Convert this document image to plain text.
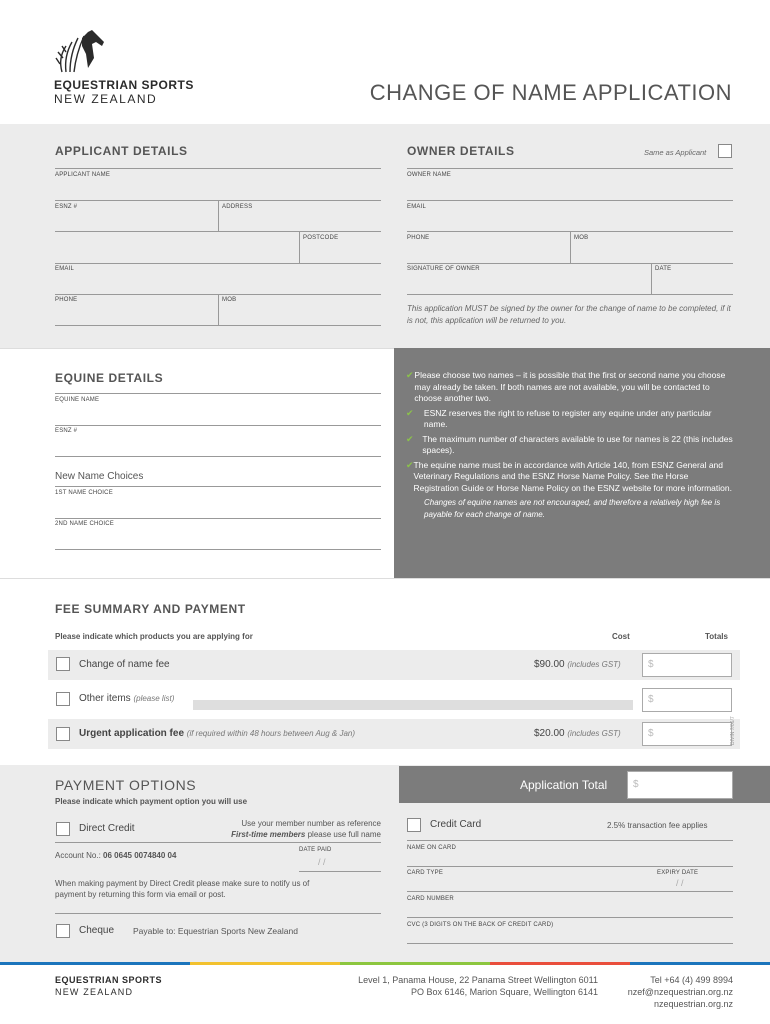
EQUESTRIAN SPORTS
NEW ZEALAND	CHANGE OF NAME APPLICATION
APPLICANT DETAILS
APPLICANT NAME
ESNZ #	ADDRESS
POSTCODE
EMAIL
PHONE	MOB
OWNER DETAILS	Same as Applicant
OWNER NAME
EMAIL
PHONE	MOB
SIGNATURE OF OWNER	DATE
This application MUST be signed by the owner for the change of name to be completed, if it is not, this application will be returned to you.
EQUINE DETAILS
EQUINE NAME
ESNZ #
New Name Choices
1ST NAME CHOICE
2ND NAME CHOICE
✔ Please choose two names – it is possible that the first or second name you choose may already be taken. If both names are not available, you will be contacted to choose another two.
✔	ESNZ reserves the right to refuse to register any equine under any particular name.
✔	The maximum number of characters available to use for names is 22 (this includes spaces).
✔ The equine name must be in accordance with Article 140, from ESNZ General and Veterinary Regulations and the ESNZ Horse Name Policy. See the Horse Registration Guide or Horse Name Policy on the ESNZ website for more information.
Changes of equine names are not encouraged, and therefore a relatively high fee is payable for each change of name.
FEE SUMMARY AND PAYMENT
Please indicate which products you are applying for	Cost	Totals
Change of name fee	$90.00 (includes GST)	$
Other items (please list)	$
Urgent application fee (if required within 48 hours between Aug & Jan)	$20.00 (includes GST)	$	DIVIN 7/06/7
PAYMENT OPTIONS
Please indicate which payment option you will use
Application Total	$
Direct Credit	Use your member number as reference
First-time members please use full name
Account No.: 06 0645 0074840 04
DATE PAID
/ /
When making payment by Direct Credit please make sure to notify us of payment by returning this form via email or post.
Cheque Payable to: Equestrian Sports New Zealand
Credit Card	2.5% transaction fee applies
NAME ON CARD
CARD TYPE	EXPIRY DATE
/ /
CARD NUMBER
CVC (3 DIGITS ON THE BACK OF CREDIT CARD)
EQUESTRIAN SPORTS
NEW ZEALAND
Level 1, Panama House, 22 Panama Street Wellington 6011
PO Box 6146, Marion Square, Wellington 6141
Tel +64 (4) 499 8994
nzef@nzequestrian.org.nz
nzequestrian.org.nz
